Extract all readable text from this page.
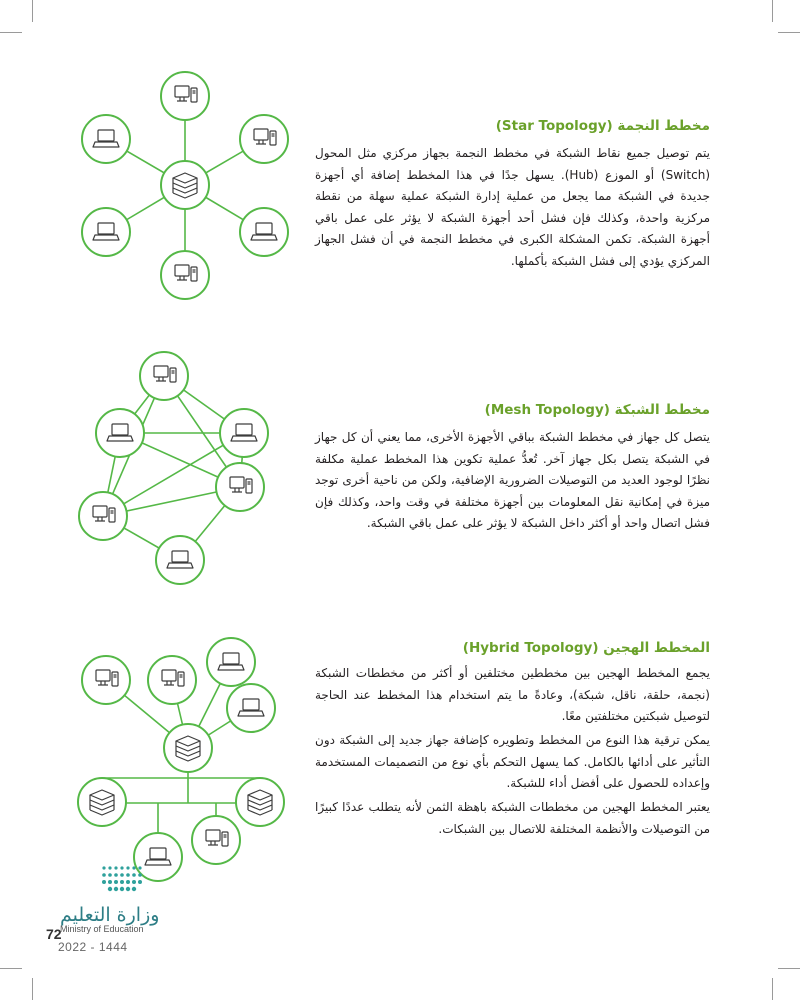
مخطط النجمة (Star Topology)

يتم توصيل جميع نقاط الشبكة في مخطط النجمة بجهاز مركزي مثل المحول (Switch) أو الموزع (Hub). يسهل جدًا في هذا المخطط إضافة أي أجهزة جديدة في الشبكة مما يجعل من عملية إدارة الشبكة عملية سهلة من نقطة مركزية واحدة، وكذلك فإن فشل أحد أجهزة الشبكة لا يؤثر على عمل باقي أجهزة الشبكة. تكمن المشكلة الكبرى في مخطط النجمة في أن فشل الجهاز المركزي يؤدي إلى فشل الشبكة بأكملها.

مخطط الشبكة (Mesh Topology)

يتصل كل جهاز في مخطط الشبكة بباقي الأجهزة الأخرى، مما يعني أن كل جهاز في الشبكة يتصل بكل جهاز آخر. تُعدُّ عملية تكوين هذا المخطط عملية مكلفة نظرًا لوجود العديد من التوصيلات الضرورية الإضافية، ولكن من ناحية أخرى توجد ميزة في إمكانية نقل المعلومات بين أجهزة مختلفة في وقت واحد، وكذلك فإن فشل اتصال واحد أو أكثر داخل الشبكة لا يؤثر على عمل باقي الشبكة.

المخطط الهجين (Hybrid Topology)

يجمع المخطط الهجين بين مخططين مختلفين أو أكثر من مخططات الشبكة (نجمة، حلقة، ناقل، شبكة)، وعادةً ما يتم استخدام هذا المخطط عند الحاجة لتوصيل شبكتين مختلفتين معًا.

يمكن ترقية هذا النوع من المخطط وتطويره كإضافة جهاز جديد إلى الشبكة دون التأثير على أدائها بالكامل. كما يسهل التحكم بأي نوع من التصميمات المستخدمة وإعداده للحصول على أفضل أداء للشبكة.

يعتبر المخطط الهجين من مخططات الشبكة باهظة الثمن لأنه يتطلب عددًا كبيرًا من التوصيلات والأنظمة المختلفة للاتصال بين الشبكات.

وزارة التعليم
Ministry of Education
72
2022 - 1444
